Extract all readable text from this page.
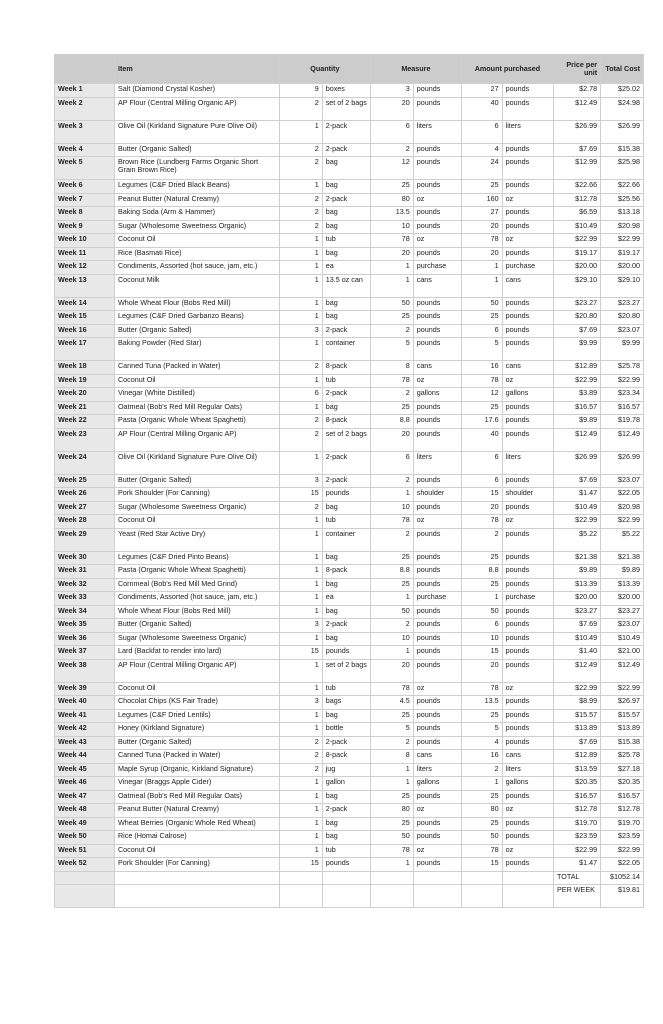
	Item	Quantity		Measure		Amount purchased		Price per unit	Total Cost
Week 1	Salt (Diamond Crystal Kosher)	9	boxes	3	pounds	27	pounds	$2.78	$25.02
Week 2	AP Flour (Central Milling Organic AP)	2	set of 2 bags	20	pounds	40	pounds	$12.49	$24.98
Week 3	Olive Oil (Kirkland Signature Pure Olive Oil)	1	2-pack	6	liters	6	liters	$26.99	$26.99
Week 4	Butter (Organic Salted)	2	2-pack	2	pounds	4	pounds	$7.69	$15.38
Week 5	Brown Rice (Lundberg Farms Organic Short Grain Brown Rice)	2	bag	12	pounds	24	pounds	$12.99	$25.98
Week 6	Legumes (C&F Dried Black Beans)	1	bag	25	pounds	25	pounds	$22.66	$22.66
Week 7	Peanut Butter (Natural Creamy)	2	2-pack	80	oz	160	oz	$12.78	$25.56
Week 8	Baking Soda (Arm & Hammer)	2	bag	13.5	pounds	27	pounds	$6.59	$13.18
Week 9	Sugar (Wholesome Sweetness Organic)	2	bag	10	pounds	20	pounds	$10.49	$20.98
Week 10	Coconut Oil	1	tub	78	oz	78	oz	$22.99	$22.99
Week 11	Rice (Basmati Rice)	1	bag	20	pounds	20	pounds	$19.17	$19.17
Week 12	Condiments, Assorted (hot sauce, jam, etc.)	1	ea	1	purchase	1	purchase	$20.00	$20.00
Week 13	Coconut Milk	1	13.5 oz can	1	cans	1	cans	$29.10	$29.10
Week 14	Whole Wheat Flour (Bobs Red Mill)	1	bag	50	pounds	50	pounds	$23.27	$23.27
Week 15	Legumes (C&F Dried Garbanzo Beans)	1	bag	25	pounds	25	pounds	$20.80	$20.80
Week 16	Butter (Organic Salted)	3	2-pack	2	pounds	6	pounds	$7.69	$23.07
Week 17	Baking Powder (Red Star)	1	container	5	pounds	5	pounds	$9.99	$9.99
Week 18	Canned Tuna (Packed in Water)	2	8-pack	8	cans	16	cans	$12.89	$25.78
Week 19	Coconut Oil	1	tub	78	oz	78	oz	$22.99	$22.99
Week 20	Vinegar (White Distilled)	6	2-pack	2	gallons	12	gallons	$3.89	$23.34
Week 21	Oatmeal (Bob's Red Mill Regular Oats)	1	bag	25	pounds	25	pounds	$16.57	$16.57
Week 22	Pasta (Organic Whole Wheat Spaghetti)	2	8-pack	8.8	pounds	17.6	pounds	$9.89	$19.78
Week 23	AP Flour (Central Milling Organic AP)	2	set of 2 bags	20	pounds	40	pounds	$12.49	$12.49
Week 24	Olive Oil (Kirkland Signature Pure Olive Oil)	1	2-pack	6	liters	6	liters	$26.99	$26.99
Week 25	Butter (Organic Salted)	3	2-pack	2	pounds	6	pounds	$7.69	$23.07
Week 26	Pork Shoulder (For Canning)	15	pounds	1	shoulder	15	shoulder	$1.47	$22.05
Week 27	Sugar (Wholesome Sweetness Organic)	2	bag	10	pounds	20	pounds	$10.49	$20.98
Week 28	Coconut Oil	1	tub	78	oz	78	oz	$22.99	$22.99
Week 29	Yeast (Red Star Active Dry)	1	container	2	pounds	2	pounds	$5.22	$5.22
Week 30	Legumes (C&F Dried Pinto Beans)	1	bag	25	pounds	25	pounds	$21.38	$21.38
Week 31	Pasta (Organic Whole Wheat Spaghetti)	1	8-pack	8.8	pounds	8.8	pounds	$9.89	$9.89
Week 32	Cornmeal (Bob's Red Mill Med Grind)	1	bag	25	pounds	25	pounds	$13.39	$13.39
Week 33	Condiments, Assorted (hot sauce, jam, etc.)	1	ea	1	purchase	1	purchase	$20.00	$20.00
Week 34	Whole Wheat Flour (Bobs Red Mill)	1	bag	50	pounds	50	pounds	$23.27	$23.27
Week 35	Butter (Organic Salted)	3	2-pack	2	pounds	6	pounds	$7.69	$23.07
Week 36	Sugar (Wholesome Sweetness Organic)	1	bag	10	pounds	10	pounds	$10.49	$10.49
Week 37	Lard (Backfat to render into lard)	15	pounds	1	pounds	15	pounds	$1.40	$21.00
Week 38	AP Flour (Central Milling Organic AP)	1	set of 2 bags	20	pounds	20	pounds	$12.49	$12.49
Week 39	Coconut Oil	1	tub	78	oz	78	oz	$22.99	$22.99
Week 40	Chocolat Chips (KS Fair Trade)	3	bags	4.5	pounds	13.5	pounds	$8.99	$26.97
Week 41	Legumes (C&F Dried Lentils)	1	bag	25	pounds	25	pounds	$15.57	$15.57
Week 42	Honey (Kirkland Signature)	1	bottle	5	pounds	5	pounds	$13.89	$13.89
Week 43	Butter (Organic Salted)	2	2-pack	2	pounds	4	pounds	$7.69	$15.38
Week 44	Canned Tuna (Packed in Water)	2	8-pack	8	cans	16	cans	$12.89	$25.78
Week 45	Maple Syrup (Organic, Kirkland Signature)	2	jug	1	liters	2	liters	$13.59	$27.18
Week 46	Vinegar (Braggs Apple Cider)	1	gallon	1	gallons	1	gallons	$20.35	$20.35
Week 47	Oatmeal (Bob's Red Mill Regular Oats)	1	bag	25	pounds	25	pounds	$16.57	$16.57
Week 48	Peanut Butter (Natural Creamy)	1	2-pack	80	oz	80	oz	$12.78	$12.78
Week 49	Wheat Berries (Organic Whole Red Wheat)	1	bag	25	pounds	25	pounds	$19.70	$19.70
Week 50	Rice (Homai Calrose)	1	bag	50	pounds	50	pounds	$23.59	$23.59
Week 51	Coconut Oil	1	tub	78	oz	78	oz	$22.99	$22.99
Week 52	Pork Shoulder (For Canning)	15	pounds	1	pounds	15	pounds	$1.47	$22.05
								TOTAL	$1052.14
								PER WEEK	$19.81
